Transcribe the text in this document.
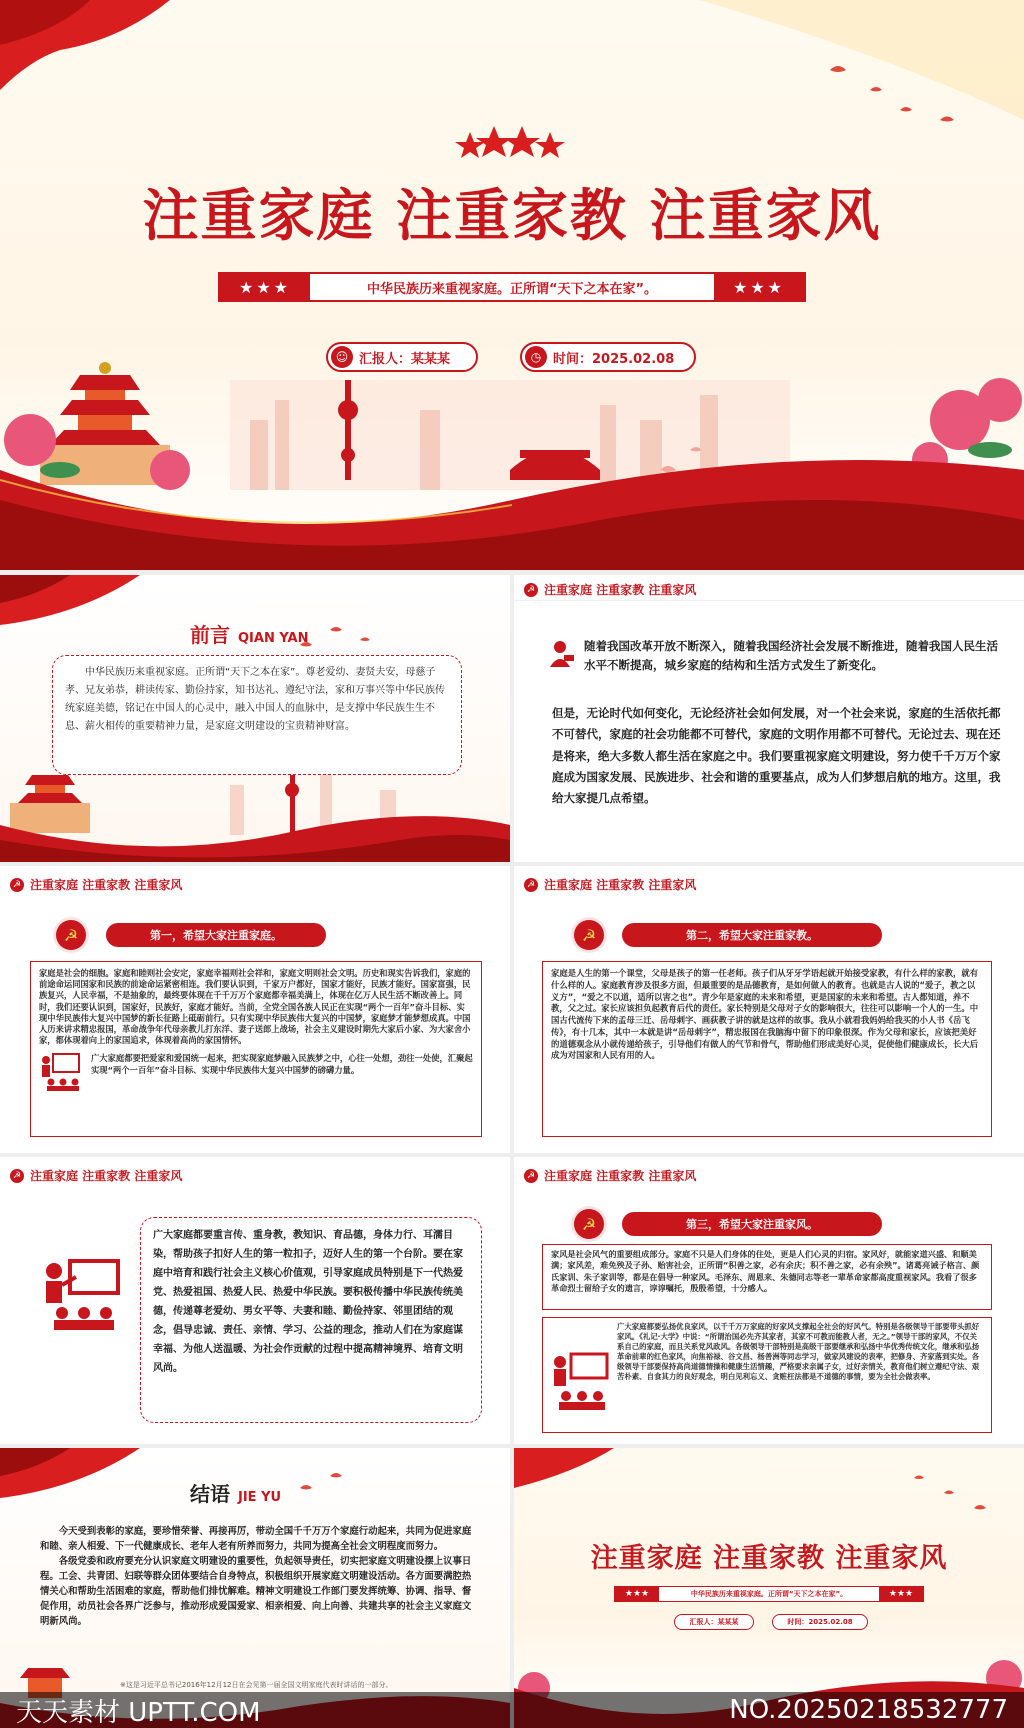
注重家庭 注重家教 注重家风
★★★	中华民族历来重视家庭。正所谓“天下之本在家”。	★★★
☺ 汇报人：某某某	◷ 时间：2025.02.08
前言 QIAN YAN
中华民族历来重视家庭。正所谓“天下之本在家”。尊老爱幼、妻贤夫安，母慈子孝、兄友弟恭，耕读传家、勤俭持家，知书达礼、遵纪守法，家和万事兴等中华民族传统家庭美德，铭记在中国人的心灵中，融入中国人的血脉中，是支撑中华民族生生不息、薪火相传的重要精神力量，是家庭文明建设的宝贵精神财富。
☭ 注重家庭 注重家教 注重家风
随着我国改革开放不断深入，随着我国经济社会发展不断推进，随着我国人民生活水平不断提高，城乡家庭的结构和生活方式发生了新变化。
但是，无论时代如何变化，无论经济社会如何发展，对一个社会来说，家庭的生活依托都不可替代，家庭的社会功能都不可替代，家庭的文明作用都不可替代。无论过去、现在还是将来，绝大多数人都生活在家庭之中。我们要重视家庭文明建设，努力使千千万万个家庭成为国家发展、民族进步、社会和谐的重要基点，成为人们梦想启航的地方。这里，我给大家提几点希望。
☭ 注重家庭 注重家教 注重家风
☭	第一，希望大家注重家庭。
家庭是社会的细胞。家庭和睦则社会安定，家庭幸福则社会祥和，家庭文明则社会文明。历史和现实告诉我们，家庭的前途命运同国家和民族的前途命运紧密相连。我们要认识到，千家万户都好，国家才能好，民族才能好。国家富强，民族复兴，人民幸福，不是抽象的，最终要体现在千千万万个家庭都幸福美满上，体现在亿万人民生活不断改善上。同时，我们还要认识到，国家好，民族好，家庭才能好。当前，全党全国各族人民正在实现“两个一百年”奋斗目标、实现中华民族伟大复兴中国梦的新长征路上砥砺前行。只有实现中华民族伟大复兴的中国梦，家庭梦才能梦想成真。中国人历来讲求精忠报国，革命战争年代母亲教儿打东洋、妻子送郎上战场，社会主义建设时期先大家后小家、为大家舍小家，都体现着向上的家国追求，体现着高尚的家国情怀。
广大家庭都要把爱家和爱国统一起来，把实现家庭梦融入民族梦之中，心往一处想，劲往一处使，汇聚起实现“两个一百年”奋斗目标、实现中华民族伟大复兴中国梦的磅礴力量。
☭ 注重家庭 注重家教 注重家风
☭	第二，希望大家注重家教。
家庭是人生的第一个课堂，父母是孩子的第一任老师。孩子们从牙牙学语起就开始接受家教，有什么样的家教，就有什么样的人。家庭教育涉及很多方面，但最重要的是品德教育，是如何做人的教育。也就是古人说的“爱子，教之以义方”，“爱之不以道，适所以害之也”。青少年是家庭的未来和希望，更是国家的未来和希望。古人都知道，养不教，父之过。家长应该担负起教育后代的责任。家长特别是父母对子女的影响很大，往往可以影响一个人的一生。中国古代流传下来的孟母三迁、岳母刺字、画荻教子讲的就是这样的故事。我从小就看我妈妈给我买的小人书《岳飞传》，有十几本，其中一本就是讲“岳母刺字”，精忠报国在我脑海中留下的印象很深。作为父母和家长，应该把美好的道德观念从小就传递给孩子，引导他们有做人的气节和骨气，帮助他们形成美好心灵，促使他们健康成长，长大后成为对国家和人民有用的人。
☭ 注重家庭 注重家教 注重家风
广大家庭都要重言传、重身教，教知识、育品德，身体力行、耳濡目染，帮助孩子扣好人生的第一粒扣子，迈好人生的第一个台阶。要在家庭中培育和践行社会主义核心价值观，引导家庭成员特别是下一代热爱党、热爱祖国、热爱人民、热爱中华民族。要积极传播中华民族传统美德，传递尊老爱幼、男女平等、夫妻和睦、勤俭持家、邻里团结的观念，倡导忠诚、责任、亲情、学习、公益的理念，推动人们在为家庭谋幸福、为他人送温暖、为社会作贡献的过程中提高精神境界、培育文明风尚。
☭ 注重家庭 注重家教 注重家风
☭	第三，希望大家注重家风。
家风是社会风气的重要组成部分。家庭不只是人们身体的住处，更是人们心灵的归宿。家风好，就能家道兴盛、和顺美满；家风差，难免殃及子孙、贻害社会，正所谓“积善之家，必有余庆；积不善之家，必有余殃”。诸葛亮诫子格言、颜氏家训、朱子家训等，都是在倡导一种家风。毛泽东、周恩来、朱德同志等老一辈革命家都高度重视家风。我看了很多革命烈士留给子女的遗言，谆谆嘱托，殷殷希望，十分感人。
广大家庭都要弘扬优良家风，以千千万万家庭的好家风支撑起全社会的好风气。特别是各级领导干部要带头抓好家风。《礼记·大学》中说：“所谓治国必先齐其家者，其家不可教而能教人者，无之。”领导干部的家风，不仅关系自己的家庭，而且关系党风政风。各级领导干部特别是高级干部要继承和弘扬中华优秀传统文化，继承和弘扬革命前辈的红色家风，向焦裕禄、谷文昌、杨善洲等同志学习，做家风建设的表率，把修身、齐家落到实处。各级领导干部要保持高尚道德情操和健康生活情趣，严格要求亲属子女，过好亲情关，教育他们树立遵纪守法、艰苦朴素、自食其力的良好观念，明白见利忘义、贪赃枉法都是不道德的事情，要为全社会做表率。
结语 JIE YU

今天受到表彰的家庭，要珍惜荣誉、再接再厉，带动全国千千万万个家庭行动起来，共同为促进家庭和睦、亲人相爱、下一代健康成长、老年人老有所养而努力，共同为提高全社会文明程度而努力。

各级党委和政府要充分认识家庭文明建设的重要性，负起领导责任，切实把家庭文明建设摆上议事日程。工会、共青团、妇联等群众团体要结合自身特点，积极组织开展家庭文明建设活动。各方面要满腔热情关心和帮助生活困难的家庭，帮助他们排忧解难。精神文明建设工作部门要发挥统筹、协调、指导、督促作用，动员社会各界广泛参与，推动形成爱国爱家、相亲相爱、向上向善、共建共享的社会主义家庭文明新风尚。

※这是习近平总书记2016年12月12日在会见第一届全国文明家庭代表时讲话的一部分。
注重家庭 注重家教 注重家风
★★★	中华民族历来重视家庭。正所谓“天下之本在家”。	★★★
汇报人：某某某	时间：2025.02.08
天天素材 UPTT.COM	NO.20250218532777
